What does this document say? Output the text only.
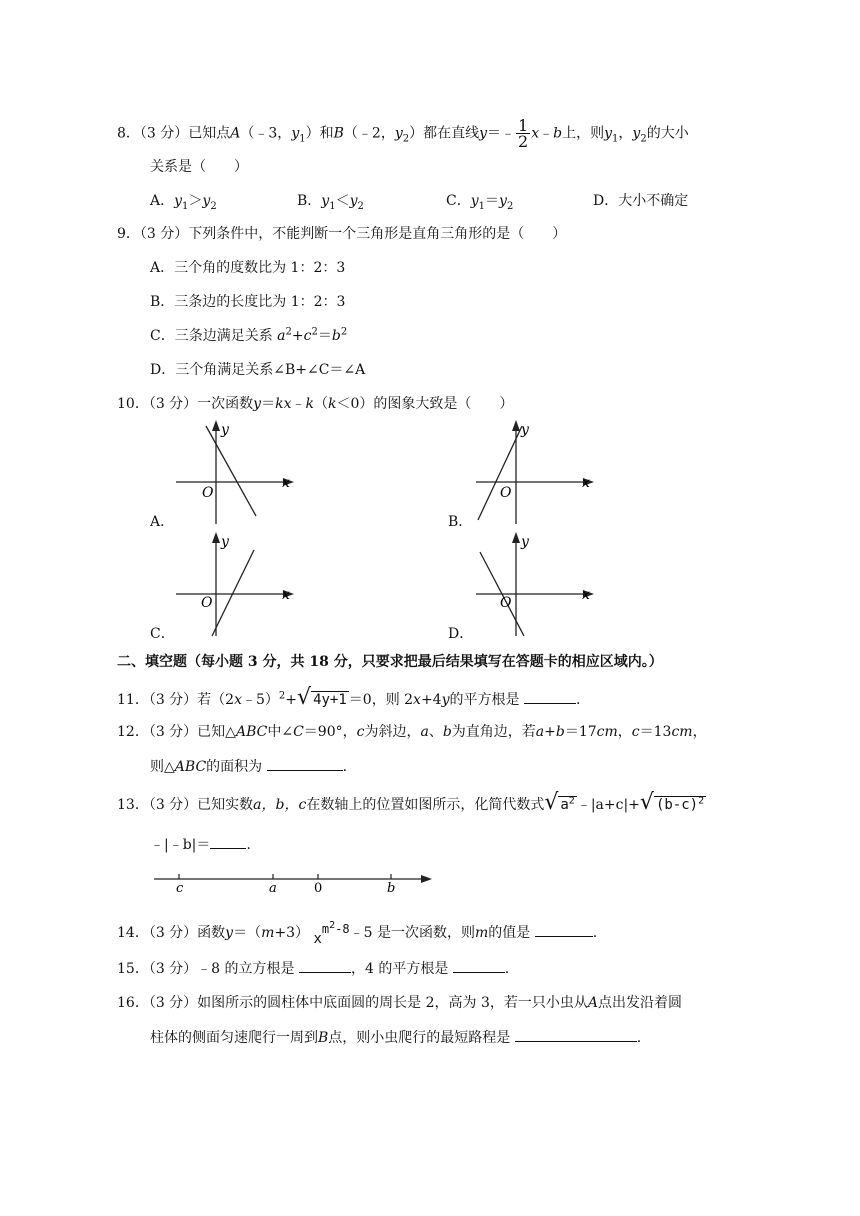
8．（3 分）已知点A（﹣3，$y_1$）和B（﹣2，$y_2$）都在直线y＝﹣ $\frac{1}{2}$ x﹣b上，则$y_1$，$y_2$的大小
关系是（　　）
A．$y_1>y_2$	B．$y_1<y_2$	C．$y_1=y_2$	D．大小不确定
9．（3 分）下列条件中，不能判断一个三角形是直角三角形的是（　　）
A．三个角的度数比为 1：2：3
B．三条边的长度比为 1：2：3
C．三条边满足关系 $a^2+c^2=b^2$
D．三个角满足关系∠B+∠C＝∠A
10．（3 分）一次函数y＝kx﹣k（k＜0）的图象大致是（　　）
x
y
O
A．
x
y
O
B．
x
y
O
C．
x
y
O
D．
二、填空题（每小题 3 分，共 18 分，只要求把最后结果填写在答题卡的相应区域内。）
11．（3 分）若（2x﹣5）$^2$+√ 4y+1 ＝0，则 2x+4y的平方根是	.
12．（3 分）已知△ABC中∠C＝90°，c为斜边，a、b为直角边，若a+b＝17cm，c＝13cm，
则△ABC的面积为	.
13．（3 分）已知实数a，b，c在数轴上的位置如图所示，化简代数式√ $a^2$ ﹣|a+c|+√ $(b-c)^2$
﹣|﹣b|＝	.
c	a	0	b
14．（3 分）函数y＝（m+3） $xm^2-8﹣5$ 是一次函数，则m的值是	.
15．（3 分）﹣8 的立方根是	，4 的平方根是	.
16．（3 分）如图所示的圆柱体中底面圆的周长是 2，高为 3，若一只小虫从A点出发沿着圆
柱体的侧面匀速爬行一周到B点，则小虫爬行的最短路程是	.
